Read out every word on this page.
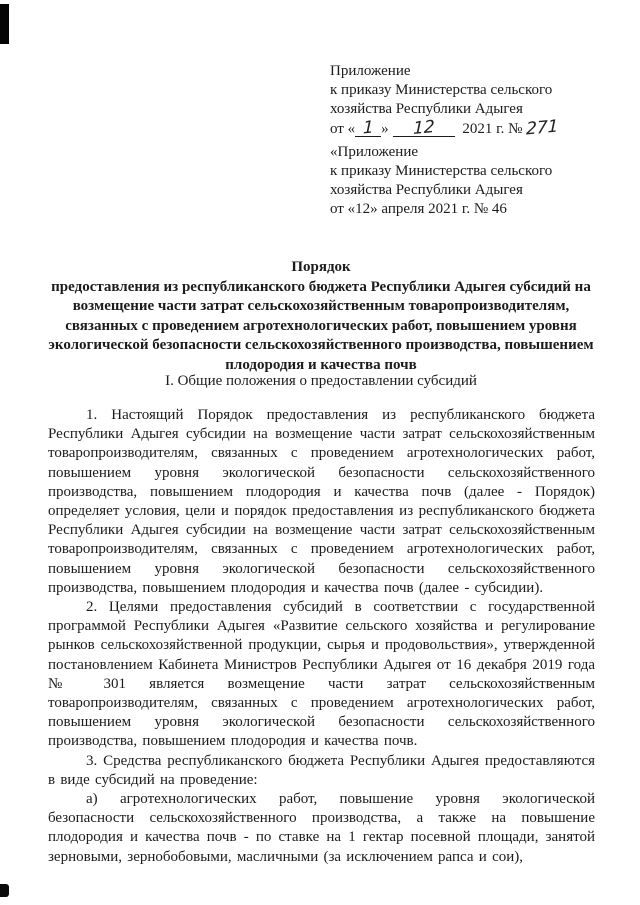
Приложение
к приказу Министерства сельского
хозяйства Республики Адыгея
от « 1 » 12 2021 г. № 271
«Приложение
к приказу Министерства сельского
хозяйства Республики Адыгея
от «12» апреля 2021 г. № 46
Порядок
предоставления из республиканского бюджета Республики Адыгея субсидий на возмещение части затрат сельскохозяйственным товаропроизводителям, связанных с проведением агротехнологических работ, повышением уровня экологической безопасности сельскохозяйственного производства, повышением плодородия и качества почв
I. Общие положения о предоставлении субсидий

1. Настоящий Порядок предоставления из республиканского бюджета Республики Адыгея субсидии на возмещение части затрат сельскохозяйственным товаропроизводителям, связанных с проведением агротехнологических работ, повышением уровня экологической безопасности сельскохозяйственного производства, повышением плодородия и качества почв (далее - Порядок) определяет условия, цели и порядок предоставления из республиканского бюджета Республики Адыгея субсидии на возмещение части затрат сельскохозяйственным товаропроизводителям, связанных с проведением агротехнологических работ, повышением уровня экологической безопасности сельскохозяйственного производства, повышением плодородия и качества почв (далее - субсидии).

2. Целями предоставления субсидий в соответствии с государственной программой Республики Адыгея «Развитие сельского хозяйства и регулирование рынков сельскохозяйственной продукции, сырья и продовольствия», утвержденной постановлением Кабинета Министров Республики Адыгея от 16 декабря 2019 года № 301 является возмещение части затрат сельскохозяйственным товаропроизводителям, связанных с проведением агротехнологических работ, повышением уровня экологической безопасности сельскохозяйственного производства, повышением плодородия и качества почв.

3. Средства республиканского бюджета Республики Адыгея предоставляются в виде субсидий на проведение:

а) агротехнологических работ, повышение уровня экологической безопасности сельскохозяйственного производства, а также на повышение плодородия и качества почв - по ставке на 1 гектар посевной площади, занятой зерновыми, зернобобовыми, масличными (за исключением рапса и сои),
